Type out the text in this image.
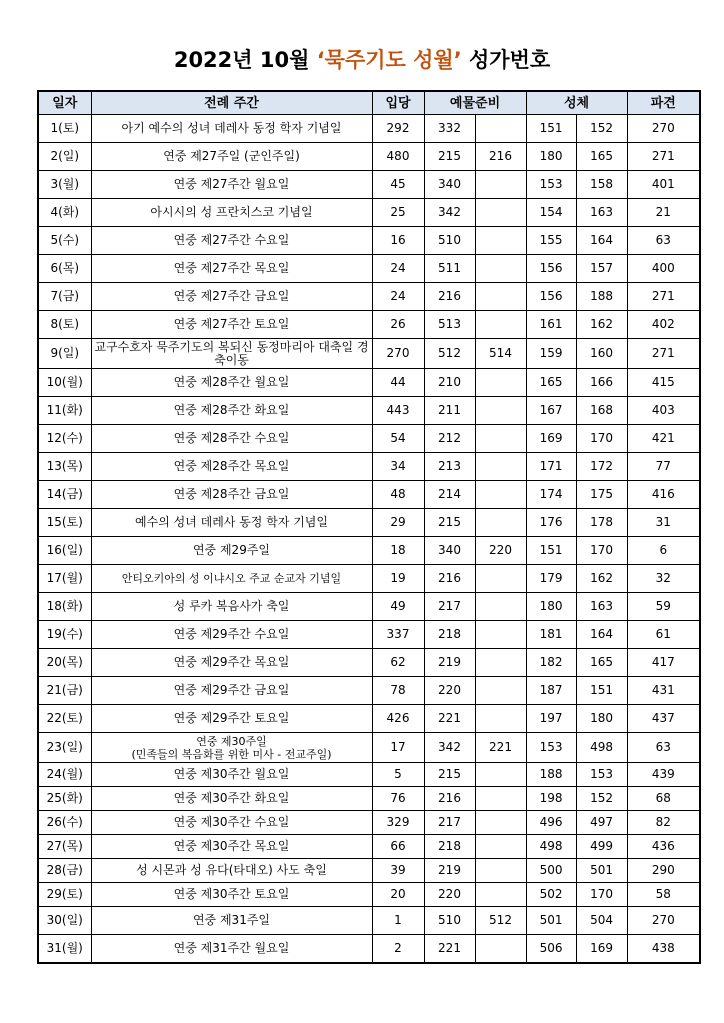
2022년 10월 ‘묵주기도 성월’ 성가번호
일자	전례 주간	입당	예물준비		성체		파견
1(토)	아기 예수의 성녀 데레사 동정 학자 기념일	292	332		151	152	270
2(일)	연중 제27주일 (군인주일)	480	215	216	180	165	271
3(월)	연중 제27주간 월요일	45	340		153	158	401
4(화)	아시시의 성 프란치스코 기념일	25	342		154	163	21
5(수)	연중 제27주간 수요일	16	510		155	164	63
6(목)	연중 제27주간 목요일	24	511		156	157	400
7(금)	연중 제27주간 금요일	24	216		156	188	271
8(토)	연중 제27주간 토요일	26	513		161	162	402
9(일)	교구수호자 묵주기도의 복되신 동정마리아 대축일 경축이동	270	512	514	159	160	271
10(월)	연중 제28주간 월요일	44	210		165	166	415
11(화)	연중 제28주간 화요일	443	211		167	168	403
12(수)	연중 제28주간 수요일	54	212		169	170	421
13(목)	연중 제28주간 목요일	34	213		171	172	77
14(금)	연중 제28주간 금요일	48	214		174	175	416
15(토)	예수의 성녀 데레사 동정 학자 기념일	29	215		176	178	31
16(일)	연중 제29주일	18	340	220	151	170	6
17(월)	안티오키아의 성 이냐시오 주교 순교자 기념일	19	216		179	162	32
18(화)	성 루카 복음사가 축일	49	217		180	163	59
19(수)	연중 제29주간 수요일	337	218		181	164	61
20(목)	연중 제29주간 목요일	62	219		182	165	417
21(금)	연중 제29주간 금요일	78	220		187	151	431
22(토)	연중 제29주간 토요일	426	221		197	180	437
23(일)	연중 제30주일
(민족들의 복음화를 위한 미사 - 전교주일)	17	342	221	153	498	63
24(월)	연중 제30주간 월요일	5	215		188	153	439
25(화)	연중 제30주간 화요일	76	216		198	152	68
26(수)	연중 제30주간 수요일	329	217		496	497	82
27(목)	연중 제30주간 목요일	66	218		498	499	436
28(금)	성 시몬과 성 유다(타대오) 사도 축일	39	219		500	501	290
29(토)	연중 제30주간 토요일	20	220		502	170	58
30(일)	연중 제31주일	1	510	512	501	504	270
31(월)	연중 제31주간 월요일	2	221		506	169	438
